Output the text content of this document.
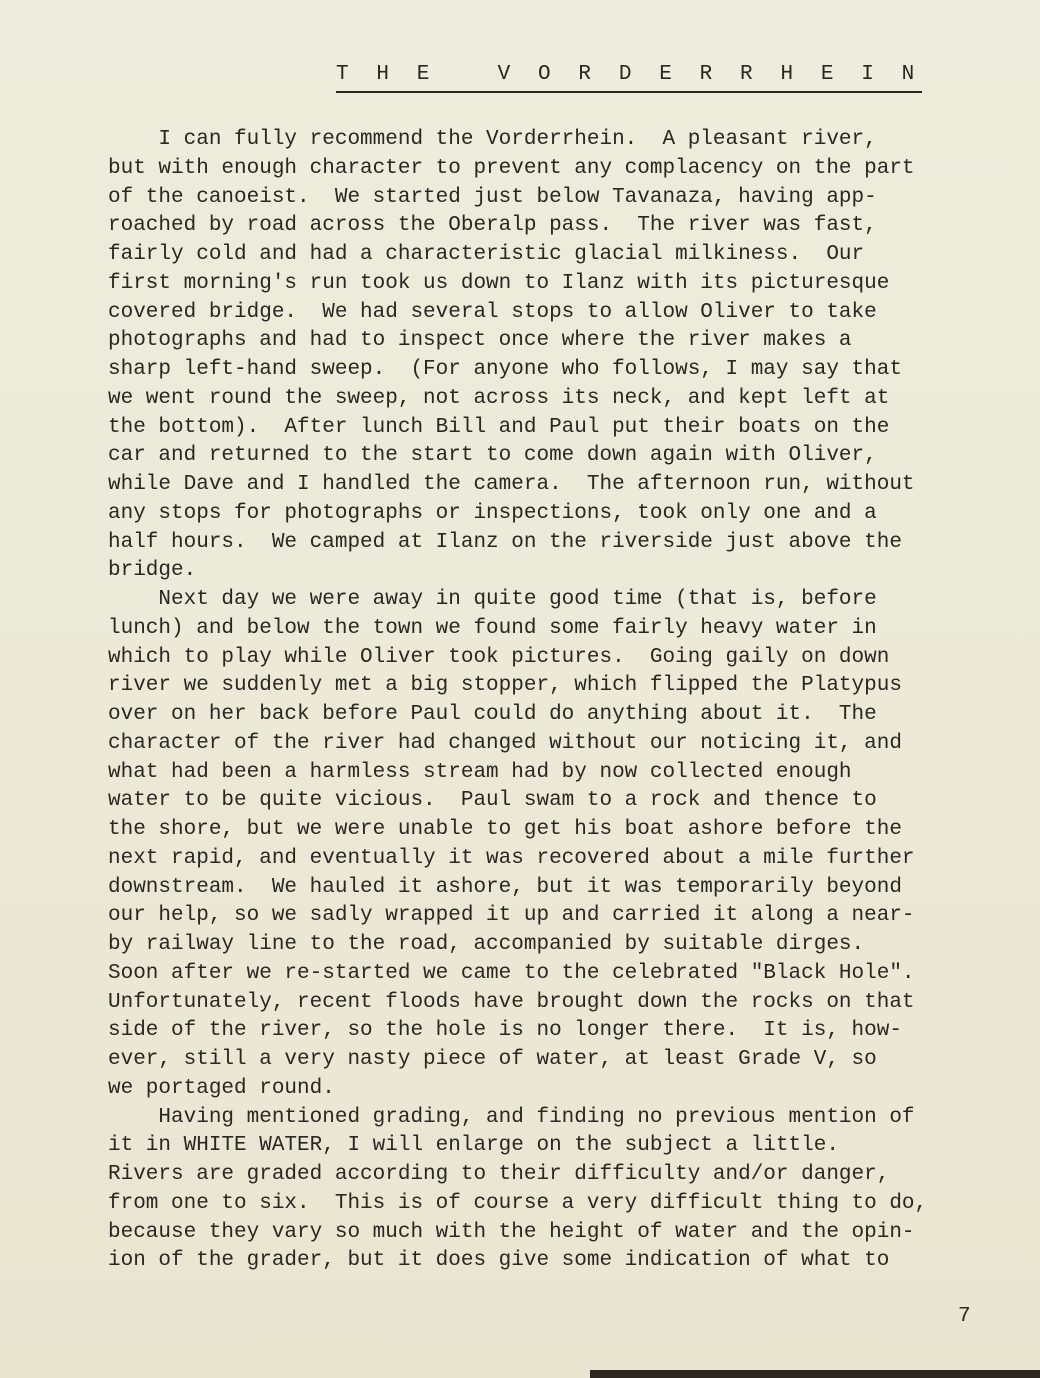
T H E   V O R D E R R H E I N
I can fully recommend the Vorderrhein.  A pleasant river,
but with enough character to prevent any complacency on the part
of the canoeist.  We started just below Tavanaza, having app-
roached by road across the Oberalp pass.  The river was fast,
fairly cold and had a characteristic glacial milkiness.  Our
first morning's run took us down to Ilanz with its picturesque
covered bridge.  We had several stops to allow Oliver to take
photographs and had to inspect once where the river makes a
sharp left-hand sweep.  (For anyone who follows, I may say that
we went round the sweep, not across its neck, and kept left at
the bottom).  After lunch Bill and Paul put their boats on the
car and returned to the start to come down again with Oliver,
while Dave and I handled the camera.  The afternoon run, without
any stops for photographs or inspections, took only one and a
half hours.  We camped at Ilanz on the riverside just above the
bridge.
Next day we were away in quite good time (that is, before
lunch) and below the town we found some fairly heavy water in
which to play while Oliver took pictures.  Going gaily on down
river we suddenly met a big stopper, which flipped the Platypus
over on her back before Paul could do anything about it.  The
character of the river had changed without our noticing it, and
what had been a harmless stream had by now collected enough
water to be quite vicious.  Paul swam to a rock and thence to
the shore, but we were unable to get his boat ashore before the
next rapid, and eventually it was recovered about a mile further
downstream.  We hauled it ashore, but it was temporarily beyond
our help, so we sadly wrapped it up and carried it along a near-
by railway line to the road, accompanied by suitable dirges.
Soon after we re-started we came to the celebrated "Black Hole".
Unfortunately, recent floods have brought down the rocks on that
side of the river, so the hole is no longer there.  It is, how-
ever, still a very nasty piece of water, at least Grade V, so
we portaged round.
Having mentioned grading, and finding no previous mention of
it in WHITE WATER, I will enlarge on the subject a little.
Rivers are graded according to their difficulty and/or danger,
from one to six.  This is of course a very difficult thing to do,
because they vary so much with the height of water and the opin-
ion of the grader, but it does give some indication of what to
7
